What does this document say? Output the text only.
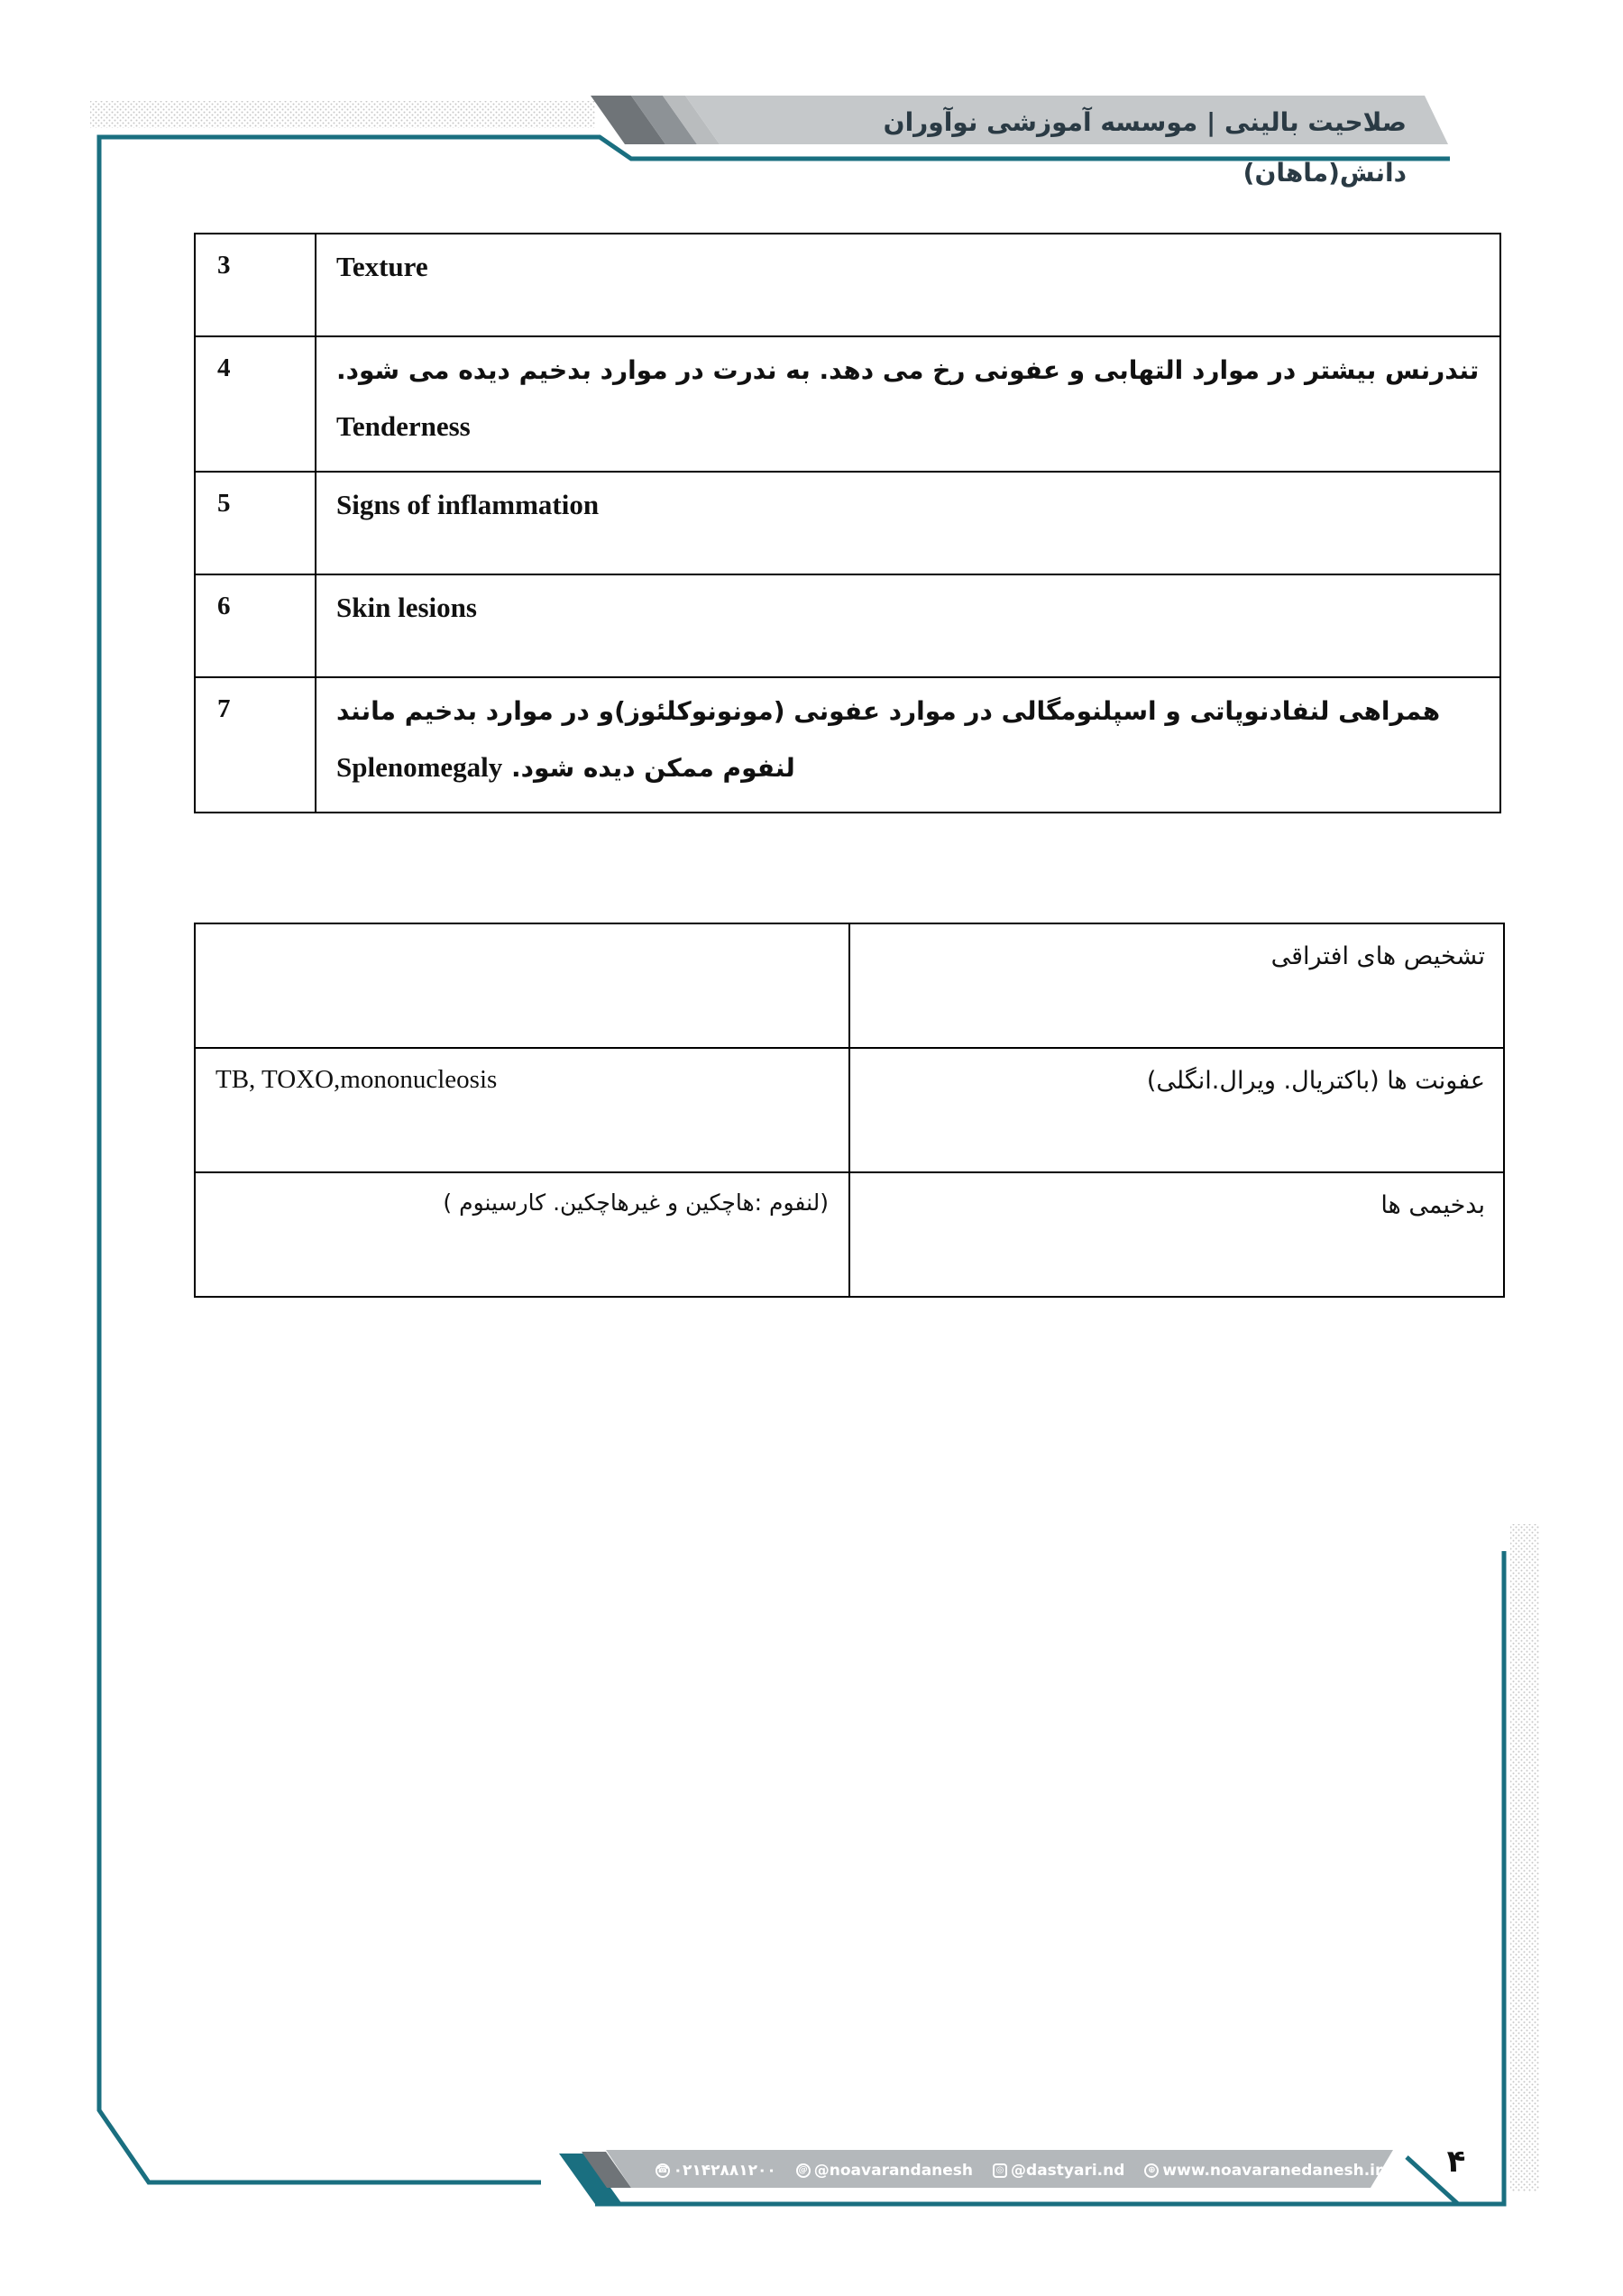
صلاحیت بالینی | موسسه آموزشی نوآوران دانش(ماهان)
3	Texture
4	تندرنس بیشتر در موارد التهابی و عفونی رخ می دهد. به ندرت در موارد بدخیم دیده می شود. Tenderness

5	Signs of inflammation
6	Skin lesions
7	همراهی لنفادنوپاتی و اسپلنومگالی در موارد عفونی (مونونوکلئوز)و در موارد بدخیم مانند لنفوم ممکن دیده شود. Splenomegaly
	تشخیص های افتراقی
TB, TOXO,mononucleosis	عفونت ها (باکتریال. ویرال.انگلی)
(لنفوم :هاچکین و غیرهاچکین. کارسینوم )	بدخیمی ها
☎ ۰۲۱۴۲۸۸۱۲۰۰	@ @noavarandanesh	◎ @dastyari.nd	⊕ www.noavaranedanesh.ir	۴
